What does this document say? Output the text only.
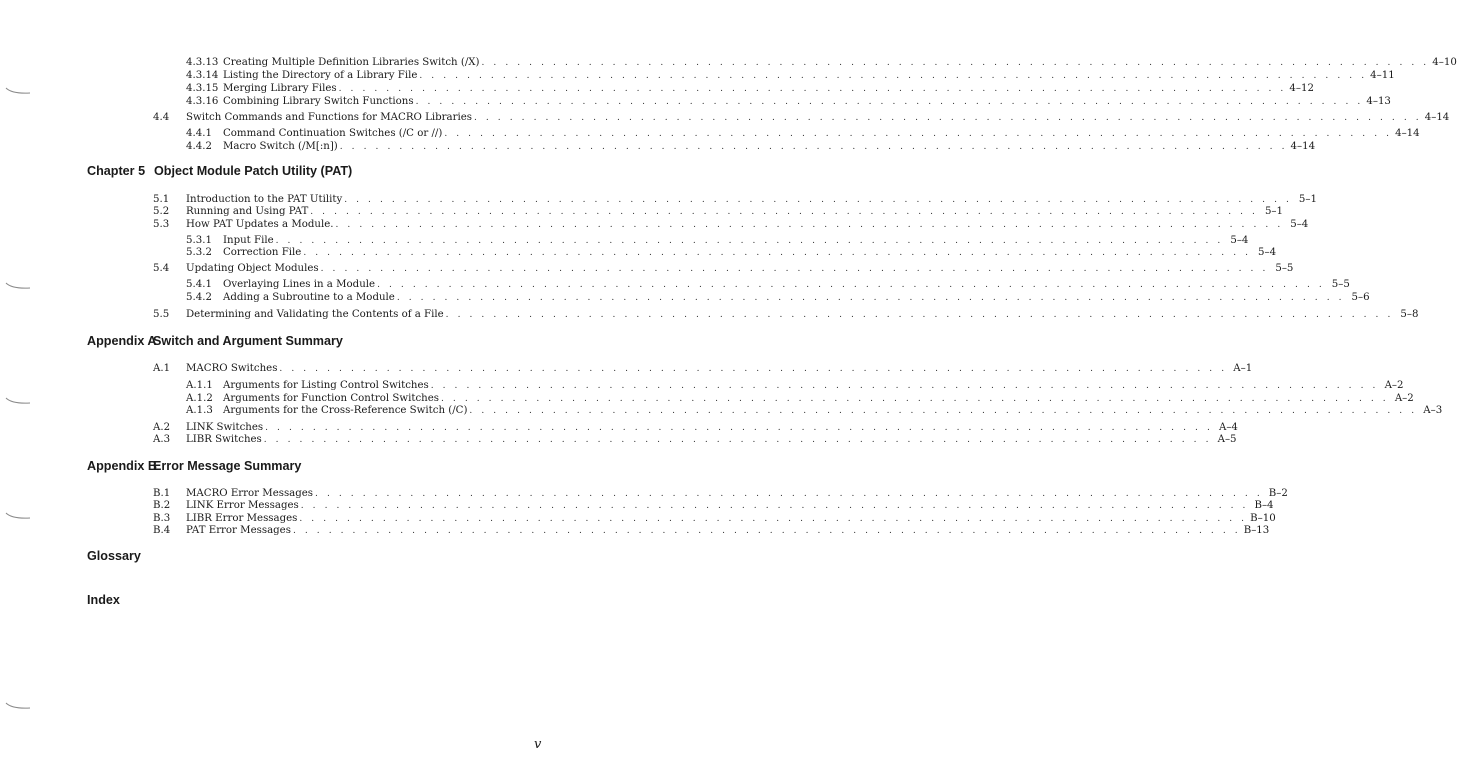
4.3.13 Creating Multiple Definition Libraries Switch (/X) . . . . . . . . . . . . . . . . . . . . . . . . . . . . . . . . . . . . . . . . . . . . . . . . . . . . . . . . . . . . . . . . . . . . . . . . . . . . . . . . 4–10
4.3.14 Listing the Directory of a Library File . . . . . . . . . . . . . . . . . . . . . . . . . . . . . . . . . . . . . . . . . . . . . . . . . . . . . . . . . . . . . . . . . . . . . . . . . . . . . . . . 4–11
4.3.15 Merging Library Files . . . . . . . . . . . . . . . . . . . . . . . . . . . . . . . . . . . . . . . . . . . . . . . . . . . . . . . . . . . . . . . . . . . . . . . . . . . . . . . . 4–12
4.3.16 Combining Library Switch Functions . . . . . . . . . . . . . . . . . . . . . . . . . . . . . . . . . . . . . . . . . . . . . . . . . . . . . . . . . . . . . . . . . . . . . . . . . . . . . . . . 4–13
4.4 Switch Commands and Functions for MACRO Libraries . . . . . . . . . . . . . . . . . . . . . . . . . . . . . . . . . . . . . . . . . . . . . . . . . . . . . . . . . . . . . . . . . . . . . . . . . . . . . . . . 4–14
4.4.1 Command Continuation Switches (/C or //) . . . . . . . . . . . . . . . . . . . . . . . . . . . . . . . . . . . . . . . . . . . . . . . . . . . . . . . . . . . . . . . . . . . . . . . . . . . . . . . . 4–14
4.4.2 Macro Switch (/M[:n]) . . . . . . . . . . . . . . . . . . . . . . . . . . . . . . . . . . . . . . . . . . . . . . . . . . . . . . . . . . . . . . . . . . . . . . . . . . . . . . . . 4–14
5.1 Introduction to the PAT Utility . . . . . . . . . . . . . . . . . . . . . . . . . . . . . . . . . . . . . . . . . . . . . . . . . . . . . . . . . . . . . . . . . . . . . . . . . . . . . . . . 5–1
5.2 Running and Using PAT . . . . . . . . . . . . . . . . . . . . . . . . . . . . . . . . . . . . . . . . . . . . . . . . . . . . . . . . . . . . . . . . . . . . . . . . . . . . . . . . 5–1
5.3 How PAT Updates a Module. . . . . . . . . . . . . . . . . . . . . . . . . . . . . . . . . . . . . . . . . . . . . . . . . . . . . . . . . . . . . . . . . . . . . . . . . . . . . . . . . 5–4
5.3.1 Input File . . . . . . . . . . . . . . . . . . . . . . . . . . . . . . . . . . . . . . . . . . . . . . . . . . . . . . . . . . . . . . . . . . . . . . . . . . . . . . . . 5–4
5.3.2 Correction File . . . . . . . . . . . . . . . . . . . . . . . . . . . . . . . . . . . . . . . . . . . . . . . . . . . . . . . . . . . . . . . . . . . . . . . . . . . . . . . . 5–4
5.4 Updating Object Modules . . . . . . . . . . . . . . . . . . . . . . . . . . . . . . . . . . . . . . . . . . . . . . . . . . . . . . . . . . . . . . . . . . . . . . . . . . . . . . . . 5–5
5.4.1 Overlaying Lines in a Module . . . . . . . . . . . . . . . . . . . . . . . . . . . . . . . . . . . . . . . . . . . . . . . . . . . . . . . . . . . . . . . . . . . . . . . . . . . . . . . . 5–5
5.4.2 Adding a Subroutine to a Module . . . . . . . . . . . . . . . . . . . . . . . . . . . . . . . . . . . . . . . . . . . . . . . . . . . . . . . . . . . . . . . . . . . . . . . . . . . . . . . . 5–6
5.5 Determining and Validating the Contents of a File . . . . . . . . . . . . . . . . . . . . . . . . . . . . . . . . . . . . . . . . . . . . . . . . . . . . . . . . . . . . . . . . . . . . . . . . . . . . . . . . 5–8
A.1 MACRO Switches . . . . . . . . . . . . . . . . . . . . . . . . . . . . . . . . . . . . . . . . . . . . . . . . . . . . . . . . . . . . . . . . . . . . . . . . . . . . . . . . A–1
A.1.1 Arguments for Listing Control Switches . . . . . . . . . . . . . . . . . . . . . . . . . . . . . . . . . . . . . . . . . . . . . . . . . . . . . . . . . . . . . . . . . . . . . . . . . . . . . . . . A–2
A.1.2 Arguments for Function Control Switches . . . . . . . . . . . . . . . . . . . . . . . . . . . . . . . . . . . . . . . . . . . . . . . . . . . . . . . . . . . . . . . . . . . . . . . . . . . . . . . . A–2
A.1.3 Arguments for the Cross-Reference Switch (/C) . . . . . . . . . . . . . . . . . . . . . . . . . . . . . . . . . . . . . . . . . . . . . . . . . . . . . . . . . . . . . . . . . . . . . . . . . . . . . . . . A–3
A.2 LINK Switches . . . . . . . . . . . . . . . . . . . . . . . . . . . . . . . . . . . . . . . . . . . . . . . . . . . . . . . . . . . . . . . . . . . . . . . . . . . . . . . . A–4
A.3 LIBR Switches . . . . . . . . . . . . . . . . . . . . . . . . . . . . . . . . . . . . . . . . . . . . . . . . . . . . . . . . . . . . . . . . . . . . . . . . . . . . . . . . A–5
B.1 MACRO Error Messages . . . . . . . . . . . . . . . . . . . . . . . . . . . . . . . . . . . . . . . . . . . . . . . . . . . . . . . . . . . . . . . . . . . . . . . . . . . . . . . . B–2
B.2 LINK Error Messages . . . . . . . . . . . . . . . . . . . . . . . . . . . . . . . . . . . . . . . . . . . . . . . . . . . . . . . . . . . . . . . . . . . . . . . . . . . . . . . . B–4
B.3 LIBR Error Messages . . . . . . . . . . . . . . . . . . . . . . . . . . . . . . . . . . . . . . . . . . . . . . . . . . . . . . . . . . . . . . . . . . . . . . . . . . . . . . . . B–10
B.4 PAT Error Messages . . . . . . . . . . . . . . . . . . . . . . . . . . . . . . . . . . . . . . . . . . . . . . . . . . . . . . . . . . . . . . . . . . . . . . . . . . . . . . . . B–13
Chapter 5 Object Module Patch Utility (PAT)
Appendix A
Switch and Argument Summary
Appendix B
Error Message Summary
Glossary
Index
v
